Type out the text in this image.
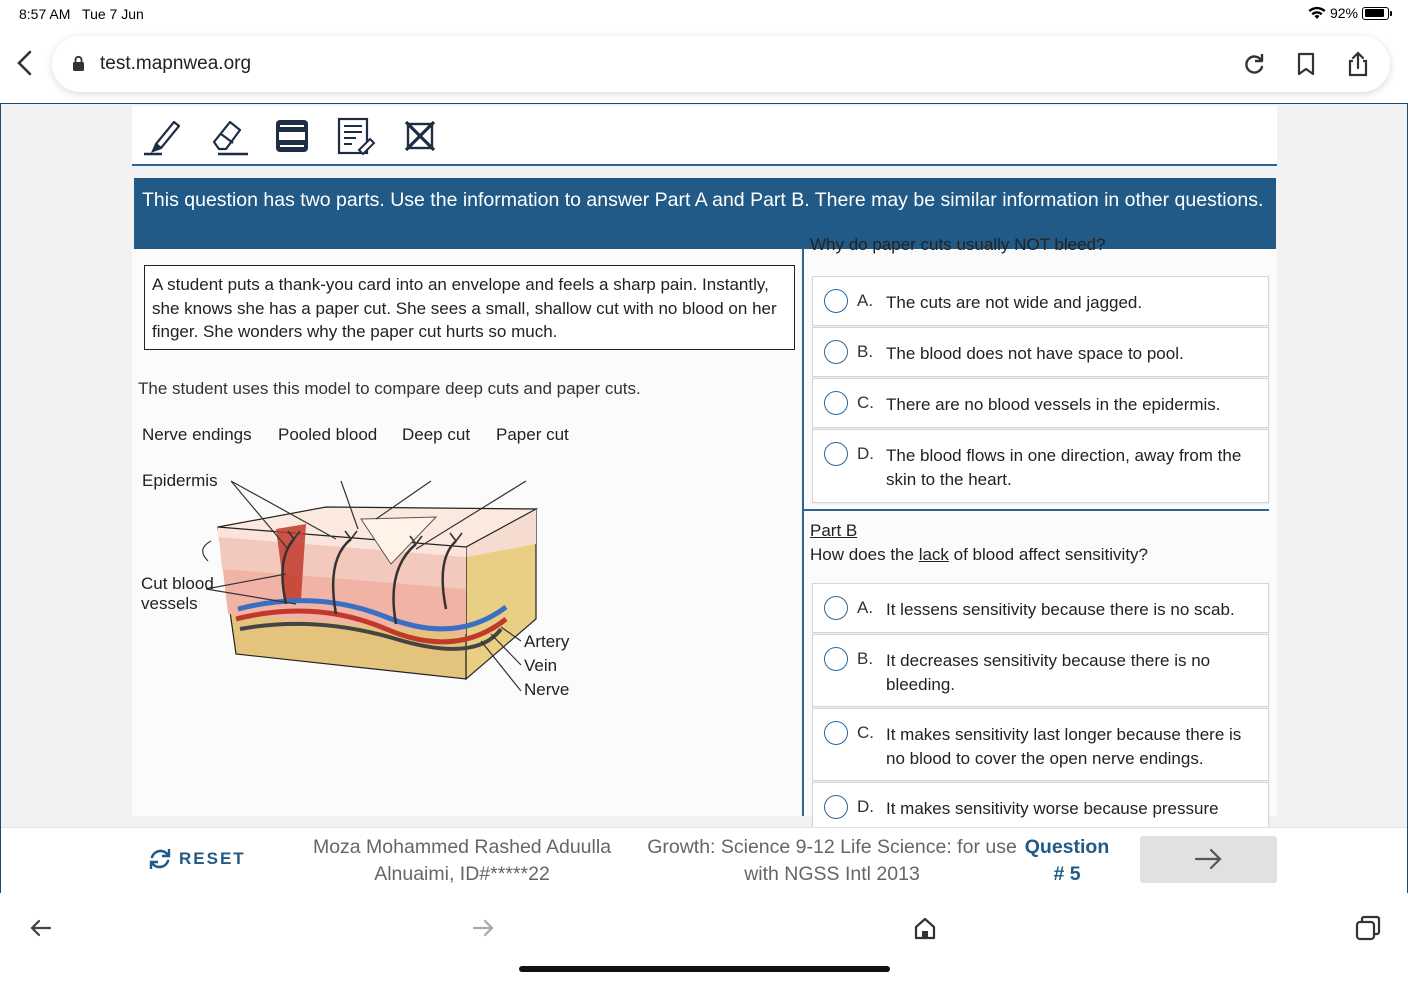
8:57 AM Tue 7 Jun	92%
test.mapnwea.org
This question has two parts. Use the information to answer Part A and Part B. There may be similar information in other questions.
A student puts a thank-you card into an envelope and feels a sharp pain. Instantly, she knows she has a paper cut. She sees a small, shallow cut with no blood on her finger. She wonders why the paper cut hurts so much.
The student uses this model to compare deep cuts and paper cuts.
Nerve endings Pooled blood Deep cut Paper cut
Epidermis
Cut blood vessels
Artery
Vein
Nerve
Why do paper cuts usually NOT bleed?
A. The cuts are not wide and jagged.
B. The blood does not have space to pool.
C. There are no blood vessels in the epidermis.
D. The blood flows in one direction, away from the skin to the heart.
Part B
How does the lack of blood affect sensitivity?
A. It lessens sensitivity because there is no scab.
B. It decreases sensitivity because there is no bleeding.
C. It makes sensitivity last longer because there is no blood to cover the open nerve endings.
D. It makes sensitivity worse because pressure
RESET
Moza Mohammed Rashed Aduulla Alnuaimi, ID#*****22
Growth: Science 9-12 Life Science: for use with NGSS Intl 2013
Question # 5
